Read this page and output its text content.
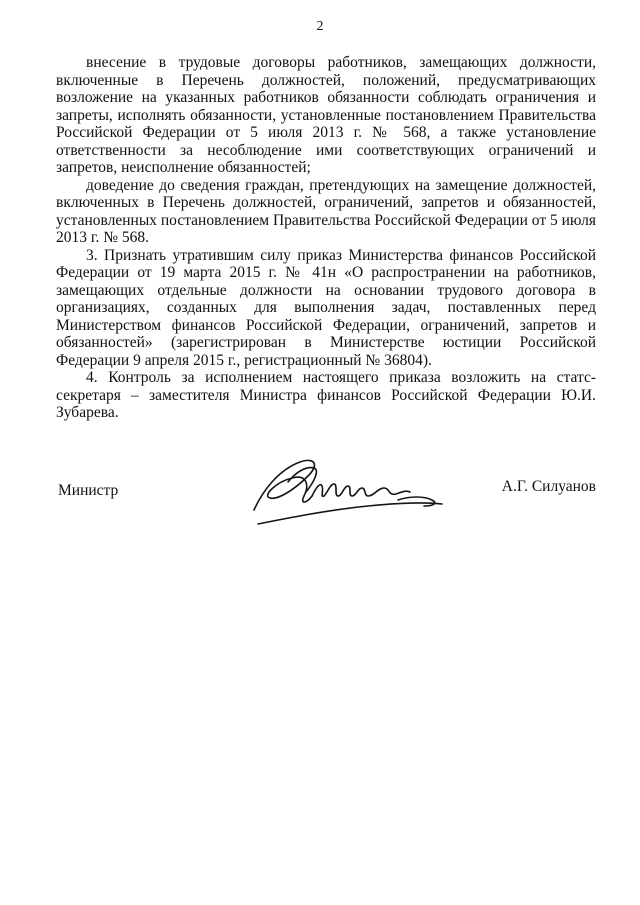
2

внесение в трудовые договоры работников, замещающих должности, включенные в Перечень должностей, положений, предусматривающих возложение на указанных работников обязанности соблюдать ограничения и запреты, исполнять обязанности, установленные постановлением Правительства Российской Федерации от 5 июля 2013 г. № 568, а также установление ответственности за несоблюдение ими соответствующих ограничений и запретов, неисполнение обязанностей;

доведение до сведения граждан, претендующих на замещение должностей, включенных в Перечень должностей, ограничений, запретов и обязанностей, установленных постановлением Правительства Российской Федерации от 5 июля 2013 г. № 568.

3. Признать утратившим силу приказ Министерства финансов Российской Федерации от 19 марта 2015 г. № 41н «О распространении на работников, замещающих отдельные должности на основании трудового договора в организациях, созданных для выполнения задач, поставленных перед Министерством финансов Российской Федерации, ограничений, запретов и обязанностей» (зарегистрирован в Министерстве юстиции Российской Федерации 9 апреля 2015 г., регистрационный № 36804).

4. Контроль за исполнением настоящего приказа возложить на статс-секретаря – заместителя Министра финансов Российской Федерации Ю.И. Зубарева.

Министр	А.Г. Силуанов
